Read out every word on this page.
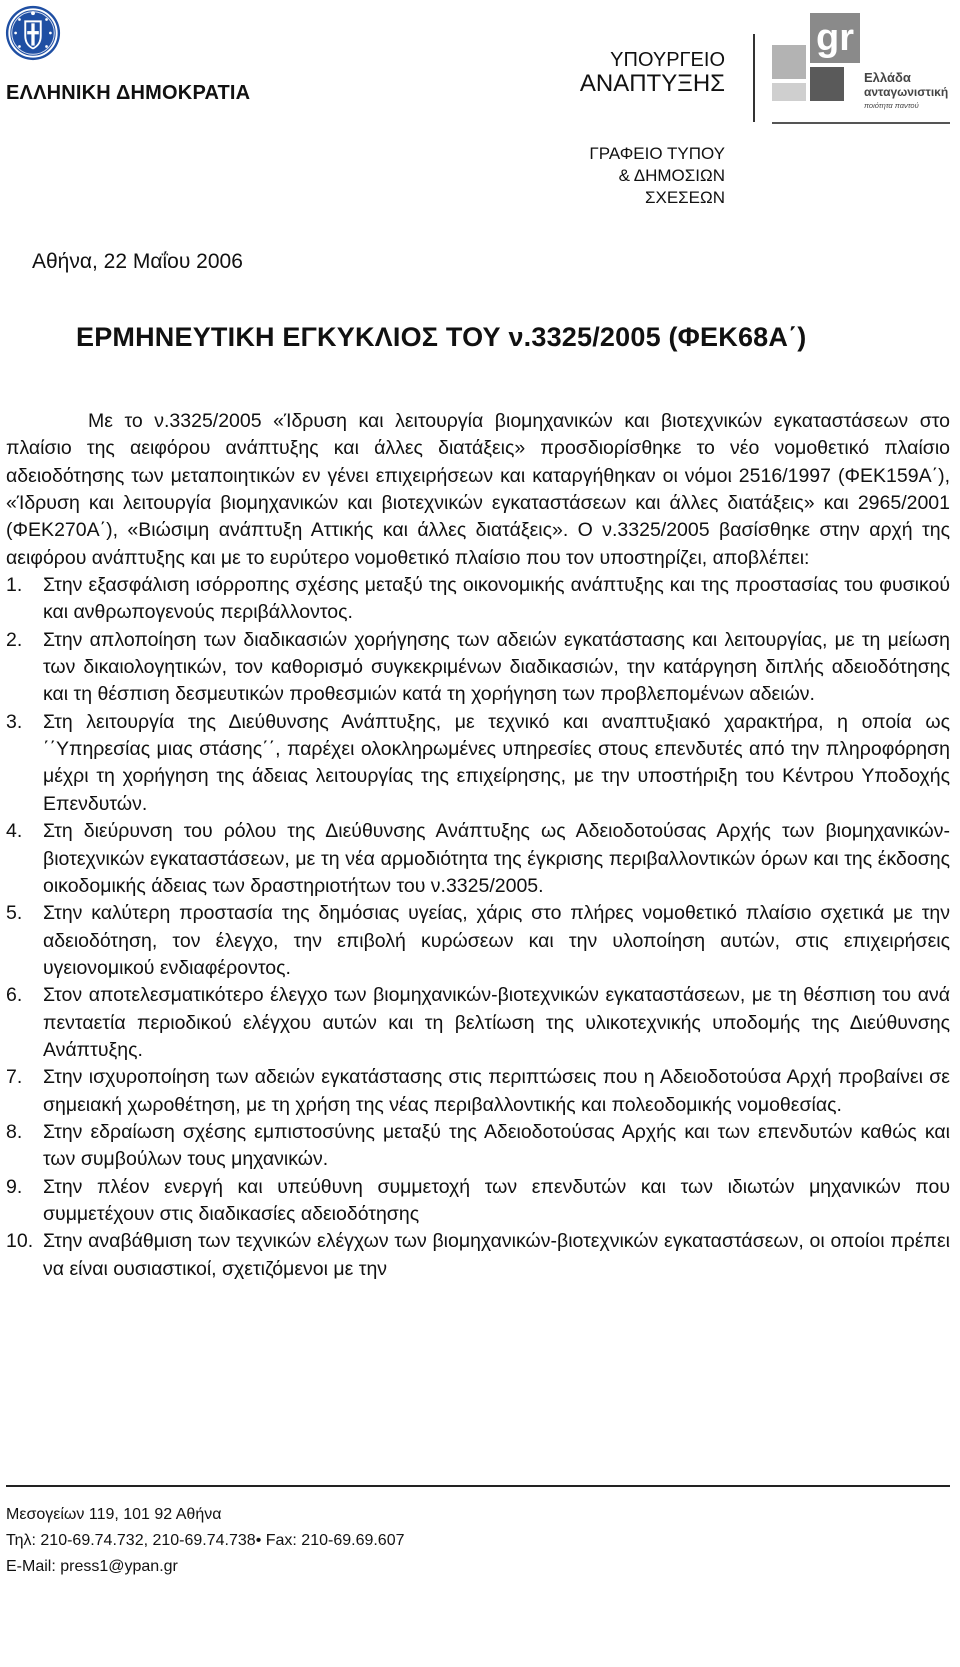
ΕΛΛΗΝΙΚΗ ΔΗΜΟΚΡΑΤΙΑ
ΥΠΟΥΡΓΕΙΟ
ΑΝΑΠΤΥΞΗΣ
gr
2005
2010
Ελλάδα
ανταγωνιστική
ποιότητα παντού
ΓΡΑΦΕΙΟ ΤΥΠΟΥ
& ΔΗΜΟΣΙΩΝ ΣΧΕΣΕΩΝ
Αθήνα, 22 Μαΐου 2006
ΕΡΜΗΝΕΥΤΙΚΗ ΕΓΚΥΚΛΙΟΣ ΤΟΥ ν.3325/2005 (ΦΕΚ68Α΄)

Με το ν.3325/2005 «Ίδρυση και λειτουργία βιομηχανικών και βιοτεχνικών εγκαταστάσεων στο πλαίσιο της αειφόρου ανάπτυξης και άλλες διατάξεις» προσδιορίσθηκε το νέο νομοθετικό πλαίσιο αδειοδότησης των μεταποιητικών εν γένει επιχειρήσεων και καταργήθηκαν οι νόμοι 2516/1997 (ΦΕΚ159Α΄), «Ίδρυση και λειτουργία βιομηχανικών και βιοτεχνικών εγκαταστάσεων και άλλες διατάξεις» και 2965/2001 (ΦΕΚ270Α΄), «Βιώσιμη ανάπτυξη Αττικής και άλλες διατάξεις». Ο ν.3325/2005 βασίσθηκε στην αρχή της αειφόρου ανάπτυξης και με το ευρύτερο νομοθετικό πλαίσιο που τον υποστηρίζει, αποβλέπει:

1. Στην εξασφάλιση ισόρροπης σχέσης μεταξύ της οικονομικής ανάπτυξης και της προστασίας του φυσικού και ανθρωπογενούς περιβάλλοντος.
2. Στην απλοποίηση των διαδικασιών χορήγησης των αδειών εγκατάστασης και λειτουργίας, με τη μείωση των δικαιολογητικών, τον καθορισμό συγκεκριμένων διαδικασιών, την κατάργηση διπλής αδειοδότησης και τη θέσπιση δεσμευτικών προθεσμιών κατά τη χορήγηση των προβλεπομένων αδειών.
3. Στη λειτουργία της Διεύθυνσης Ανάπτυξης, με τεχνικό και αναπτυξιακό χαρακτήρα, η οποία ως ΄΄Υπηρεσίας μιας στάσης΄΄, παρέχει ολοκληρωμένες υπηρεσίες στους επενδυτές από την πληροφόρηση μέχρι τη χορήγηση της άδειας λειτουργίας της επιχείρησης, με την υποστήριξη του Κέντρου Υποδοχής Επενδυτών.
4. Στη διεύρυνση του ρόλου της Διεύθυνσης Ανάπτυξης ως Αδειοδοτούσας Αρχής των βιομηχανικών-βιοτεχνικών εγκαταστάσεων, με τη νέα αρμοδιότητα της έγκρισης περιβαλλοντικών όρων και της έκδοσης οικοδομικής άδειας των δραστηριοτήτων του ν.3325/2005.
5. Στην καλύτερη προστασία της δημόσιας υγείας, χάρις στο πλήρες νομοθετικό πλαίσιο σχετικά με την αδειοδότηση, τον έλεγχο, την επιβολή κυρώσεων και την υλοποίηση αυτών, στις επιχειρήσεις υγειονομικού ενδιαφέροντος.
6. Στον αποτελεσματικότερο έλεγχο των βιομηχανικών-βιοτεχνικών εγκαταστάσεων, με τη θέσπιση του ανά πενταετία περιοδικού ελέγχου αυτών και τη βελτίωση της υλικοτεχνικής υποδομής της Διεύθυνσης Ανάπτυξης.
7. Στην ισχυροποίηση των αδειών εγκατάστασης στις περιπτώσεις που η Αδειοδοτούσα Αρχή προβαίνει σε σημειακή χωροθέτηση, με τη χρήση της νέας περιβαλλοντικής και πολεοδομικής νομοθεσίας.
8. Στην εδραίωση σχέσης εμπιστοσύνης μεταξύ της Αδειοδοτούσας Αρχής και των επενδυτών καθώς και των συμβούλων τους μηχανικών.
9. Στην πλέον ενεργή και υπεύθυνη συμμετοχή των επενδυτών και των ιδιωτών μηχανικών που συμμετέχουν στις διαδικασίες αδειοδότησης
10. Στην αναβάθμιση των τεχνικών ελέγχων των βιομηχανικών-βιοτεχνικών εγκαταστάσεων, οι οποίοι πρέπει να είναι ουσιαστικοί, σχετιζόμενοι με την
Μεσογείων 119, 101 92 Αθήνα
Τηλ: 210-69.74.732, 210-69.74.738• Fax: 210-69.69.607
E-Mail: press1@ypan.gr
